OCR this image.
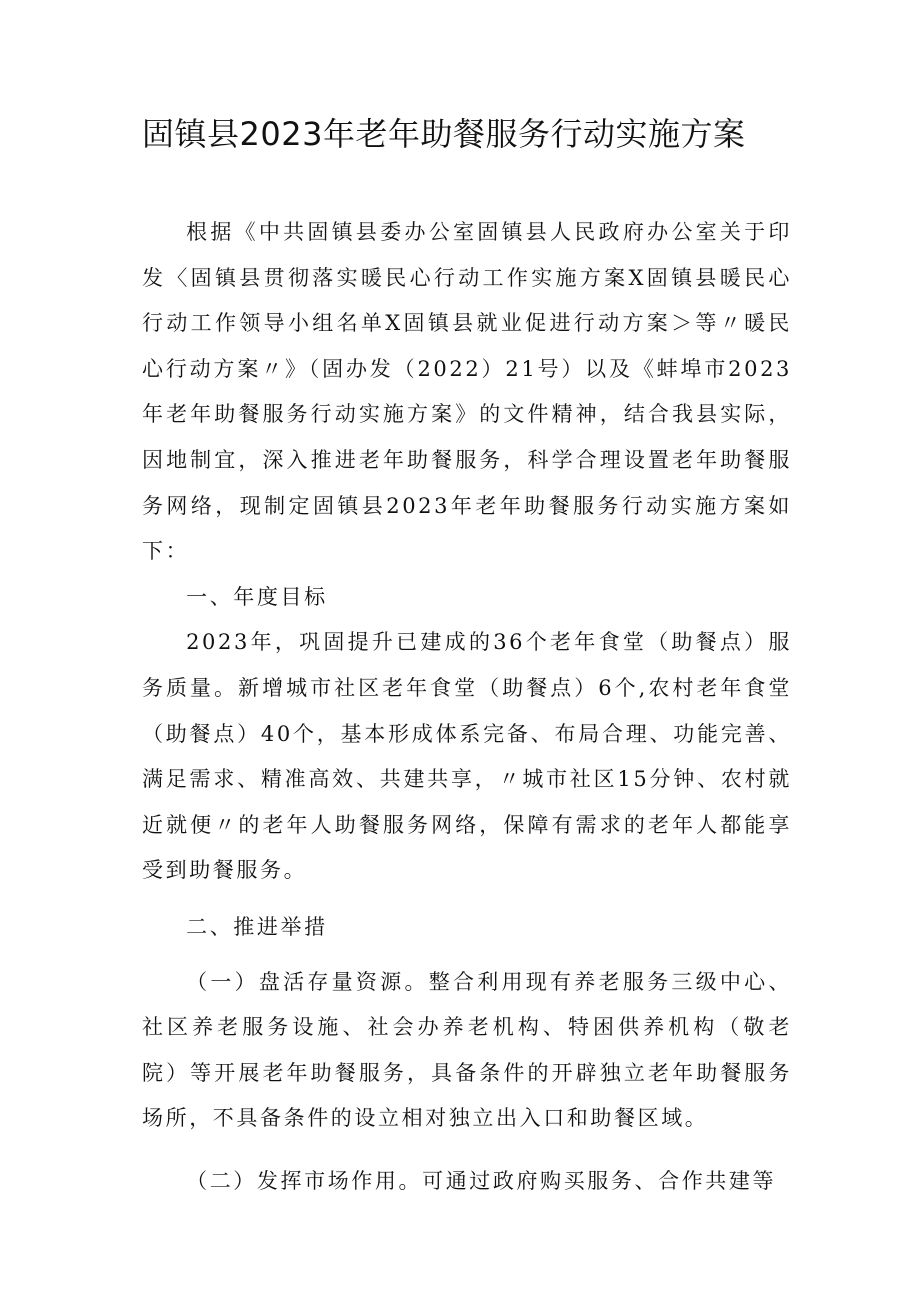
固镇县2023年老年助餐服务行动实施方案

根据《中共固镇县委办公室固镇县人民政府办公室关于印发〈固镇县贯彻落实暖民心行动工作实施方案X固镇县暖民心行动工作领导小组名单X固镇县就业促进行动方案＞等〃暖民心行动方案〃》（固办发（2022）21号）以及《蚌埠市2023年老年助餐服务行动实施方案》的文件精神，结合我县实际，因地制宜，深入推进老年助餐服务，科学合理设置老年助餐服务网络，现制定固镇县2023年老年助餐服务行动实施方案如下：

一、年度目标

2023年，巩固提升已建成的36个老年食堂（助餐点）服务质量。新增城市社区老年食堂（助餐点）6个,农村老年食堂（助餐点）40个，基本形成体系完备、布局合理、功能完善、满足需求、精准高效、共建共享，〃城市社区15分钟、农村就近就便〃的老年人助餐服务网络，保障有需求的老年人都能享受到助餐服务。

二、推进举措

（一）盘活存量资源。整合利用现有养老服务三级中心、社区养老服务设施、社会办养老机构、特困供养机构（敬老院）等开展老年助餐服务，具备条件的开辟独立老年助餐服务场所，不具备条件的设立相对独立出入口和助餐区域。

（二）发挥市场作用。可通过政府购买服务、合作共建等
